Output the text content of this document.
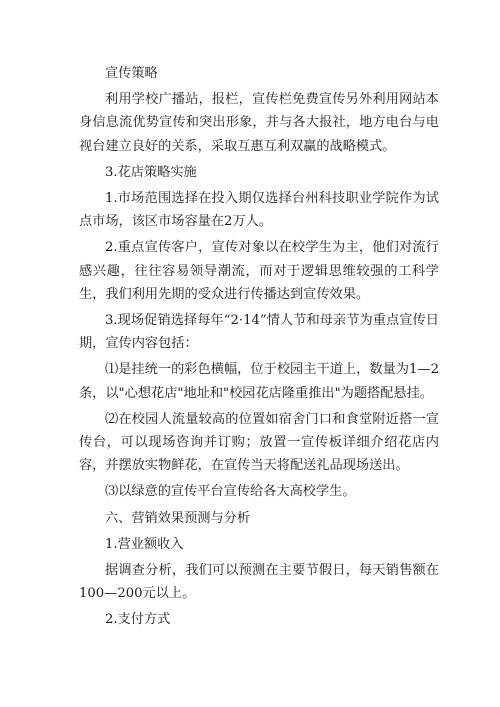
宣传策略

利用学校广播站，报栏，宣传栏免费宣传另外利用网站本身信息流优势宣传和突出形象，并与各大报社，地方电台与电视台建立良好的关系，采取互惠互利双赢的战略模式。

3.花店策略实施

1.市场范围选择在投入期仅选择台州科技职业学院作为试点市场，该区市场容量在2万人。

2.重点宣传客户，宣传对象以在校学生为主，他们对流行感兴趣，往往容易领导潮流，而对于逻辑思维较强的工科学生，我们利用先期的受众进行传播达到宣传效果。

3.现场促销选择每年“2·14”情人节和母亲节为重点宣传日期，宣传内容包括：

⑴是挂统一的彩色横幅，位于校园主干道上，数量为1—2条，以"心想花店"地址和"校园花店隆重推出"为题搭配悬挂。

⑵在校园人流量较高的位置如宿舍门口和食堂附近搭一宣传台，可以现场咨询并订购；放置一宣传板详细介绍花店内容，并摆放实物鲜花，在宣传当天将配送礼品现场送出。

⑶以绿意的宣传平台宣传给各大高校学生。

六、营销效果预测与分析

1.营业额收入

据调查分析，我们可以预测在主要节假日，每天销售额在100—200元以上。

2.支付方式
